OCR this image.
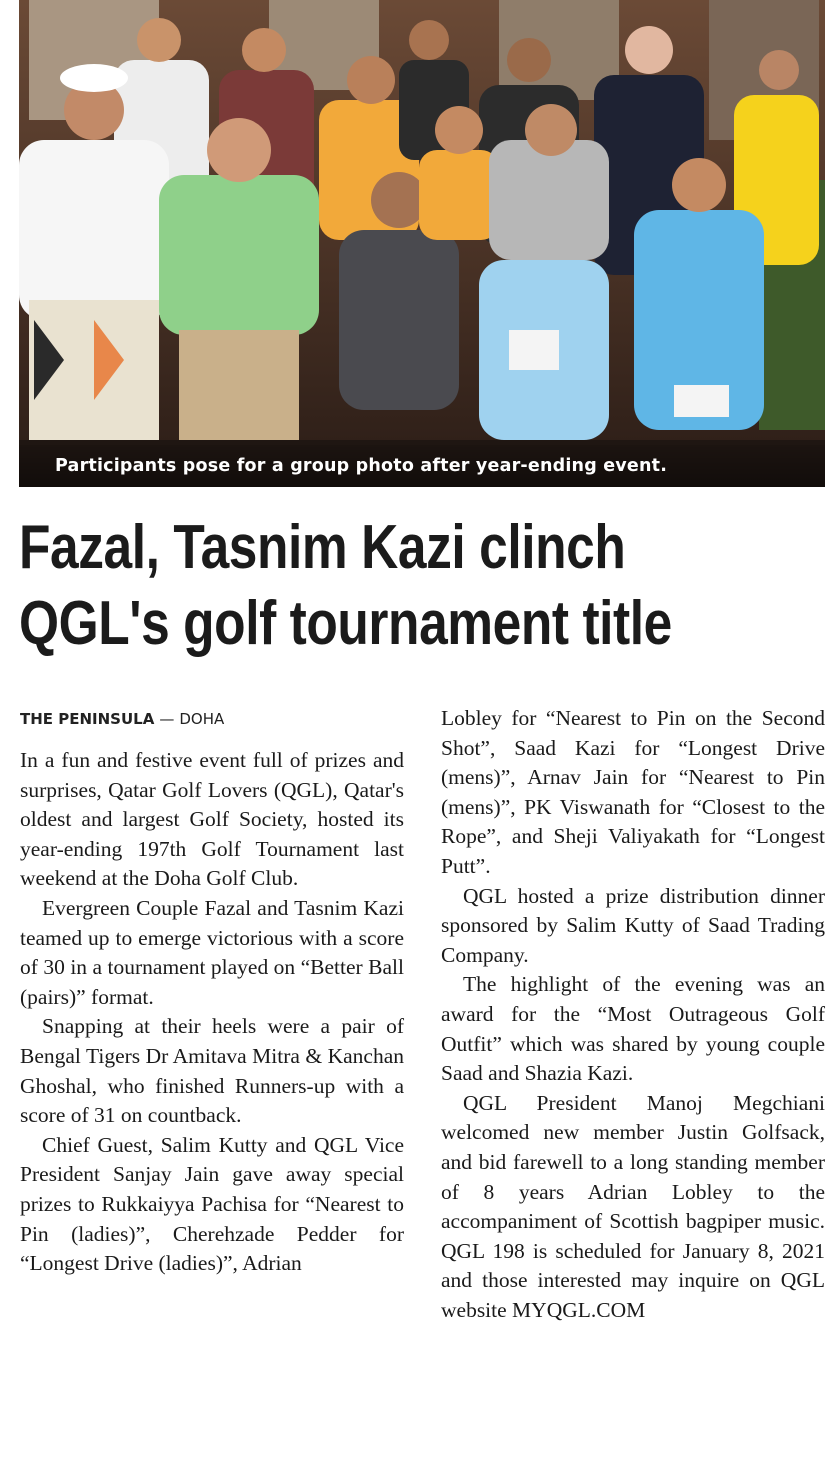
Participants pose for a group photo after year-ending event.
Fazal, Tasnim Kazi clinch
QGL's golf tournament title
THE PENINSULA — DOHA

In a fun and festive event full of prizes and surprises, Qatar Golf Lovers (QGL), Qatar's oldest and largest Golf Society, hosted its year-ending 197th Golf Tournament last weekend at the Doha Golf Club.

Evergreen Couple Fazal and Tasnim Kazi teamed up to emerge victorious with a score of 30 in a tournament played on “Better Ball (pairs)” format.

Snapping at their heels were a pair of Bengal Tigers Dr Amitava Mitra & Kanchan Ghoshal, who finished Runners-up with a score of 31 on countback.

Chief Guest, Salim Kutty and QGL Vice President Sanjay Jain gave away special prizes to Rukkaiyya Pachisa for “Nearest to Pin (ladies)”, Cherehzade Pedder for “Longest Drive (ladies)”, Adrian

Lobley for “Nearest to Pin on the Second Shot”, Saad Kazi for “Longest Drive (mens)”, Arnav Jain for “Nearest to Pin (mens)”, PK Viswanath for “Closest to the Rope”, and Sheji Valiyakath for “Longest Putt”.

QGL hosted a prize distribution dinner sponsored by Salim Kutty of Saad Trading Company.

The highlight of the evening was an award for the “Most Outrageous Golf Outfit” which was shared by young couple Saad and Shazia Kazi.

QGL President Manoj Megchiani welcomed new member Justin Golfsack, and bid farewell to a long standing member of 8 years Adrian Lobley to the accompaniment of Scottish bagpiper music. QGL 198 is scheduled for January 8, 2021 and those interested may inquire on QGL website MYQGL.COM
